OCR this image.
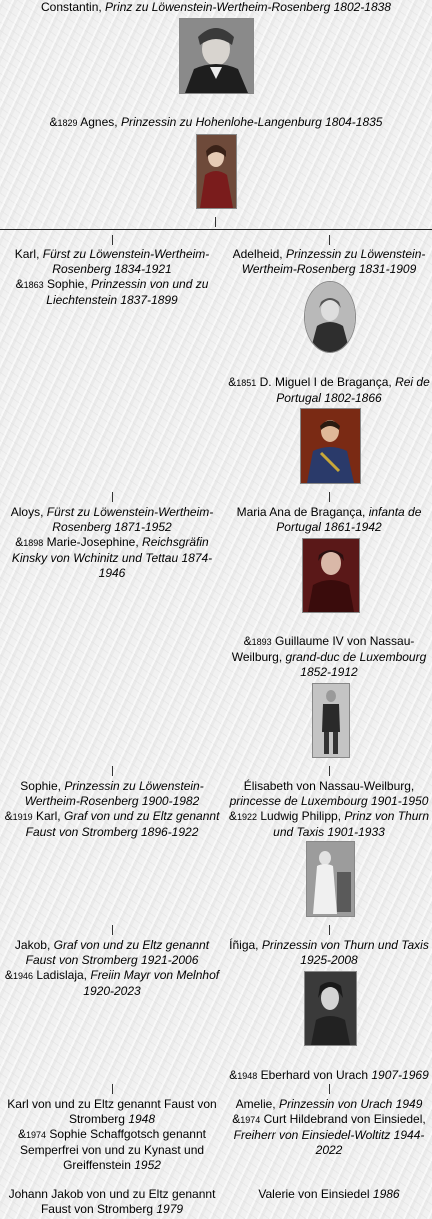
Constantin, Prinz zu Löwenstein-Wertheim-Rosenberg 1802-1838
&1829 Agnes, Prinzessin zu Hohenlohe-Langenburg 1804-1835
Karl, Fürst zu Löwenstein-Wertheim-Rosenberg 1834-1921
&1863 Sophie, Prinzessin von und zu Liechtenstein 1837-1899
Adelheid, Prinzessin zu Löwenstein-Wertheim-Rosenberg 1831-1909
&1851 D. Miguel I de Bragança, Rei de Portugal 1802-1866
Aloys, Fürst zu Löwenstein-Wertheim-Rosenberg 1871-1952
&1898 Marie-Josephine, Reichsgräfin Kinsky von Wchinitz und Tettau 1874-1946
Maria Ana de Bragança, infanta de Portugal 1861-1942
&1893 Guillaume IV von Nassau-Weilburg, grand-duc de Luxembourg 1852-1912
Sophie, Prinzessin zu Löwenstein-Wertheim-Rosenberg 1900-1982
&1919 Karl, Graf von und zu Eltz genannt Faust von Stromberg 1896-1922
Élisabeth von Nassau-Weilburg, princesse de Luxembourg 1901-1950
&1922 Ludwig Philipp, Prinz von Thurn und Taxis 1901-1933
Jakob, Graf von und zu Eltz genannt Faust von Stromberg 1921-2006
&1946 Ladislaja, Freiin Mayr von Melnhof 1920-2023
Íñiga, Prinzessin von Thurn und Taxis 1925-2008
&1948 Eberhard von Urach 1907-1969
Karl von und zu Eltz genannt Faust von Stromberg 1948
&1974 Sophie Schaffgotsch genannt Semperfrei von und zu Kynast und Greiffenstein 1952
Amelie, Prinzessin von Urach 1949
&1974 Curt Hildebrand von Einsiedel, Freiherr von Einsiedel-Woltitz 1944-2022
Johann Jakob von und zu Eltz genannt Faust von Stromberg 1979
Valerie von Einsiedel 1986
